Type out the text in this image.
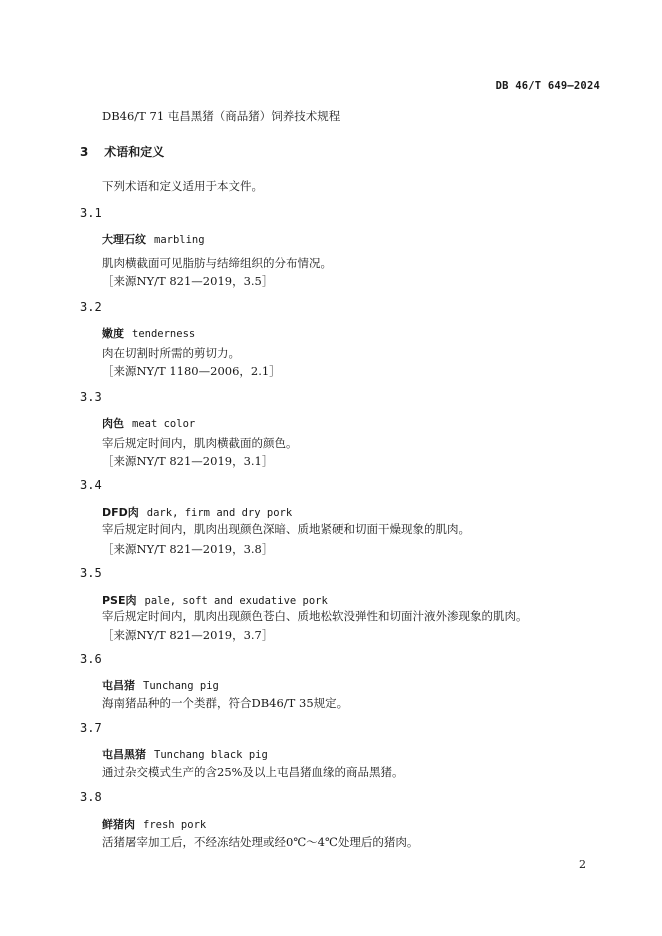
DB 46/T 649—2024
DB46/T 71 屯昌黑猪（商品猪）饲养技术规程
3 术语和定义
下列术语和定义适用于本文件。
3.1
大理石纹 marbling
肌肉横截面可见脂肪与结缔组织的分布情况。
［来源NY/T 821—2019，3.5］
3.2
嫩度 tenderness
肉在切割时所需的剪切力。
［来源NY/T 1180—2006，2.1］
3.3
肉色 meat color
宰后规定时间内，肌肉横截面的颜色。
［来源NY/T 821—2019，3.1］
3.4
DFD肉 dark, firm and dry pork
宰后规定时间内，肌肉出现颜色深暗、质地紧硬和切面干燥现象的肌肉。
［来源NY/T 821—2019，3.8］
3.5
PSE肉 pale, soft and exudative pork
宰后规定时间内，肌肉出现颜色苍白、质地松软没弹性和切面汁液外渗现象的肌肉。
［来源NY/T 821—2019，3.7］
3.6
屯昌猪 Tunchang pig
海南猪品种的一个类群，符合DB46/T 35规定。
3.7
屯昌黑猪 Tunchang black pig
通过杂交模式生产的含25%及以上屯昌猪血缘的商品黑猪。
3.8
鲜猪肉 fresh pork
活猪屠宰加工后，不经冻结处理或经0℃～4℃处理后的猪肉。
2
